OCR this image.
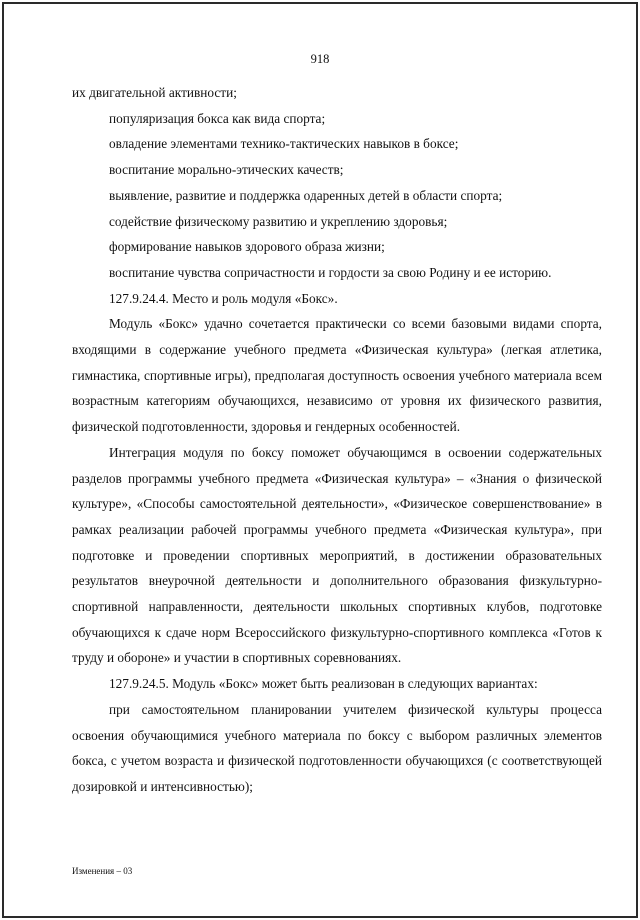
918

их двигательной активности;

популяризация бокса как вида спорта;

овладение элементами технико-тактических навыков в боксе;

воспитание морально-этических качеств;

выявление, развитие и поддержка одаренных детей в области спорта;

содействие физическому развитию и укреплению здоровья;

формирование навыков здорового образа жизни;

воспитание чувства сопричастности и гордости за свою Родину и ее историю.

127.9.24.4. Место и роль модуля «Бокс».

Модуль «Бокс» удачно сочетается практически со всеми базовыми видами спорта, входящими в содержание учебного предмета «Физическая культура» (легкая атлетика, гимнастика, спортивные игры), предполагая доступность освоения учебного материала всем возрастным категориям обучающихся, независимо от уровня их физического развития, физической подготовленности, здоровья и гендерных особенностей.

Интеграция модуля по боксу поможет обучающимся в освоении содержательных разделов программы учебного предмета «Физическая культура» – «Знания о физической культуре», «Способы самостоятельной деятельности», «Физическое совершенствование» в рамках реализации рабочей программы учебного предмета «Физическая культура», при подготовке и проведении спортивных мероприятий, в достижении образовательных результатов внеурочной деятельности и дополнительного образования физкультурно-спортивной направленности, деятельности школьных спортивных клубов, подготовке обучающихся к сдаче норм Всероссийского физкультурно-спортивного комплекса «Готов к труду и обороне» и участии в спортивных соревнованиях.

127.9.24.5. Модуль «Бокс» может быть реализован в следующих вариантах:

при самостоятельном планировании учителем физической культуры процесса освоения обучающимися учебного материала по боксу с выбором различных элементов бокса, с учетом возраста и физической подготовленности обучающихся (с соответствующей дозировкой и интенсивностью);

Изменения – 03
